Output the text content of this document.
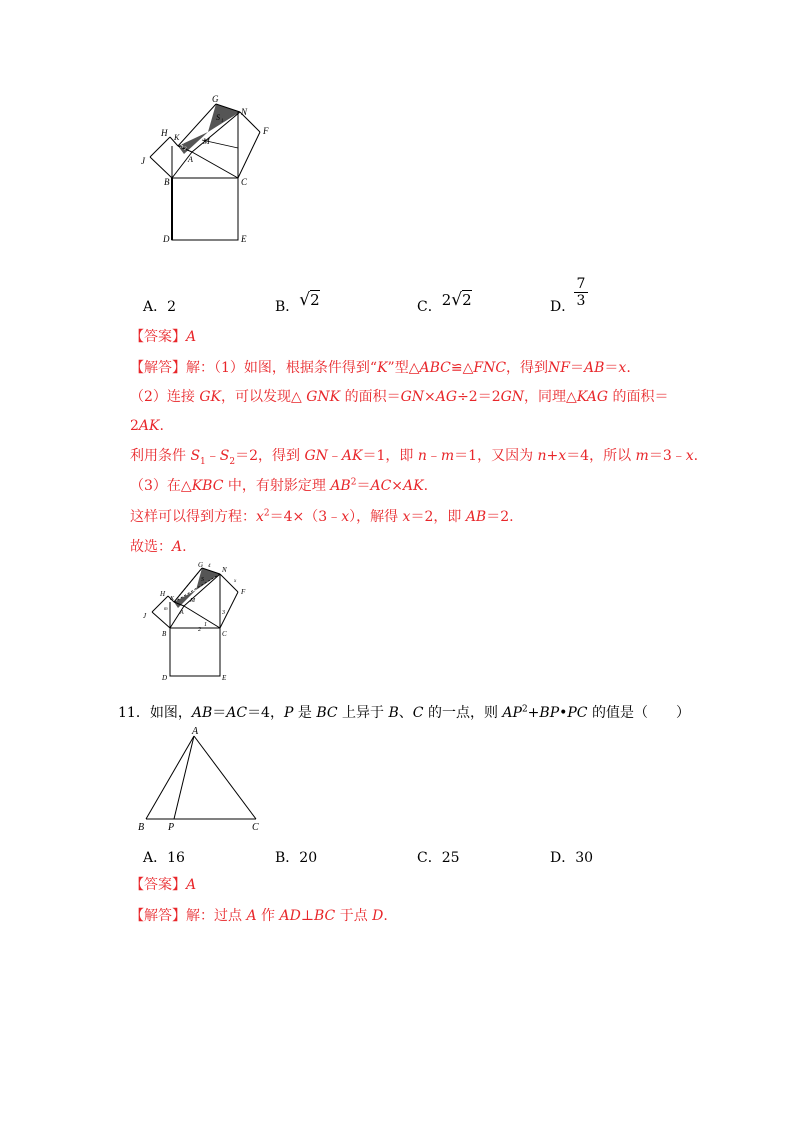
G
N
H K
S 1
S 2
M
A
F
J
B	C
D	E
A．2	B．√2	C．2√2	D．
$\frac{7}{3}$
【答案】A
【解答】解：（1）如图，根据条件得到“K”型△ABC≌△FNC，得到NF＝AB＝x.
（2）连接 GK，可以发现△ GNK 的面积＝GN×AG÷2＝2GN，同理△KAG 的面积＝
2AK.
利用条件 $S_1﹣S_2=2$，得到 GN﹣AK＝1，即 n﹣m＝1，又因为 n+x＝4，所以 m＝3﹣x.
（3）在△KBC 中，有射影定理 $AB^2=AC\times AK$.
这样可以得到方程：$x^2=4\times(3﹣x)$，解得 x＝2，即 AB＝2.
故选：A.
G
N
4
H
K
S
M
A
m
F
x
J
B	C
1
2
3
D	E
11．如图，AB＝AC＝4，P 是 BC 上异于 B、C 的一点，则 $AP^2+BP•PC$ 的值是（　　）
A
B P	C
A．16	B．20	C．25	D．30
【答案】A
【解答】解：过点 A 作 AD⊥BC 于点 D.
